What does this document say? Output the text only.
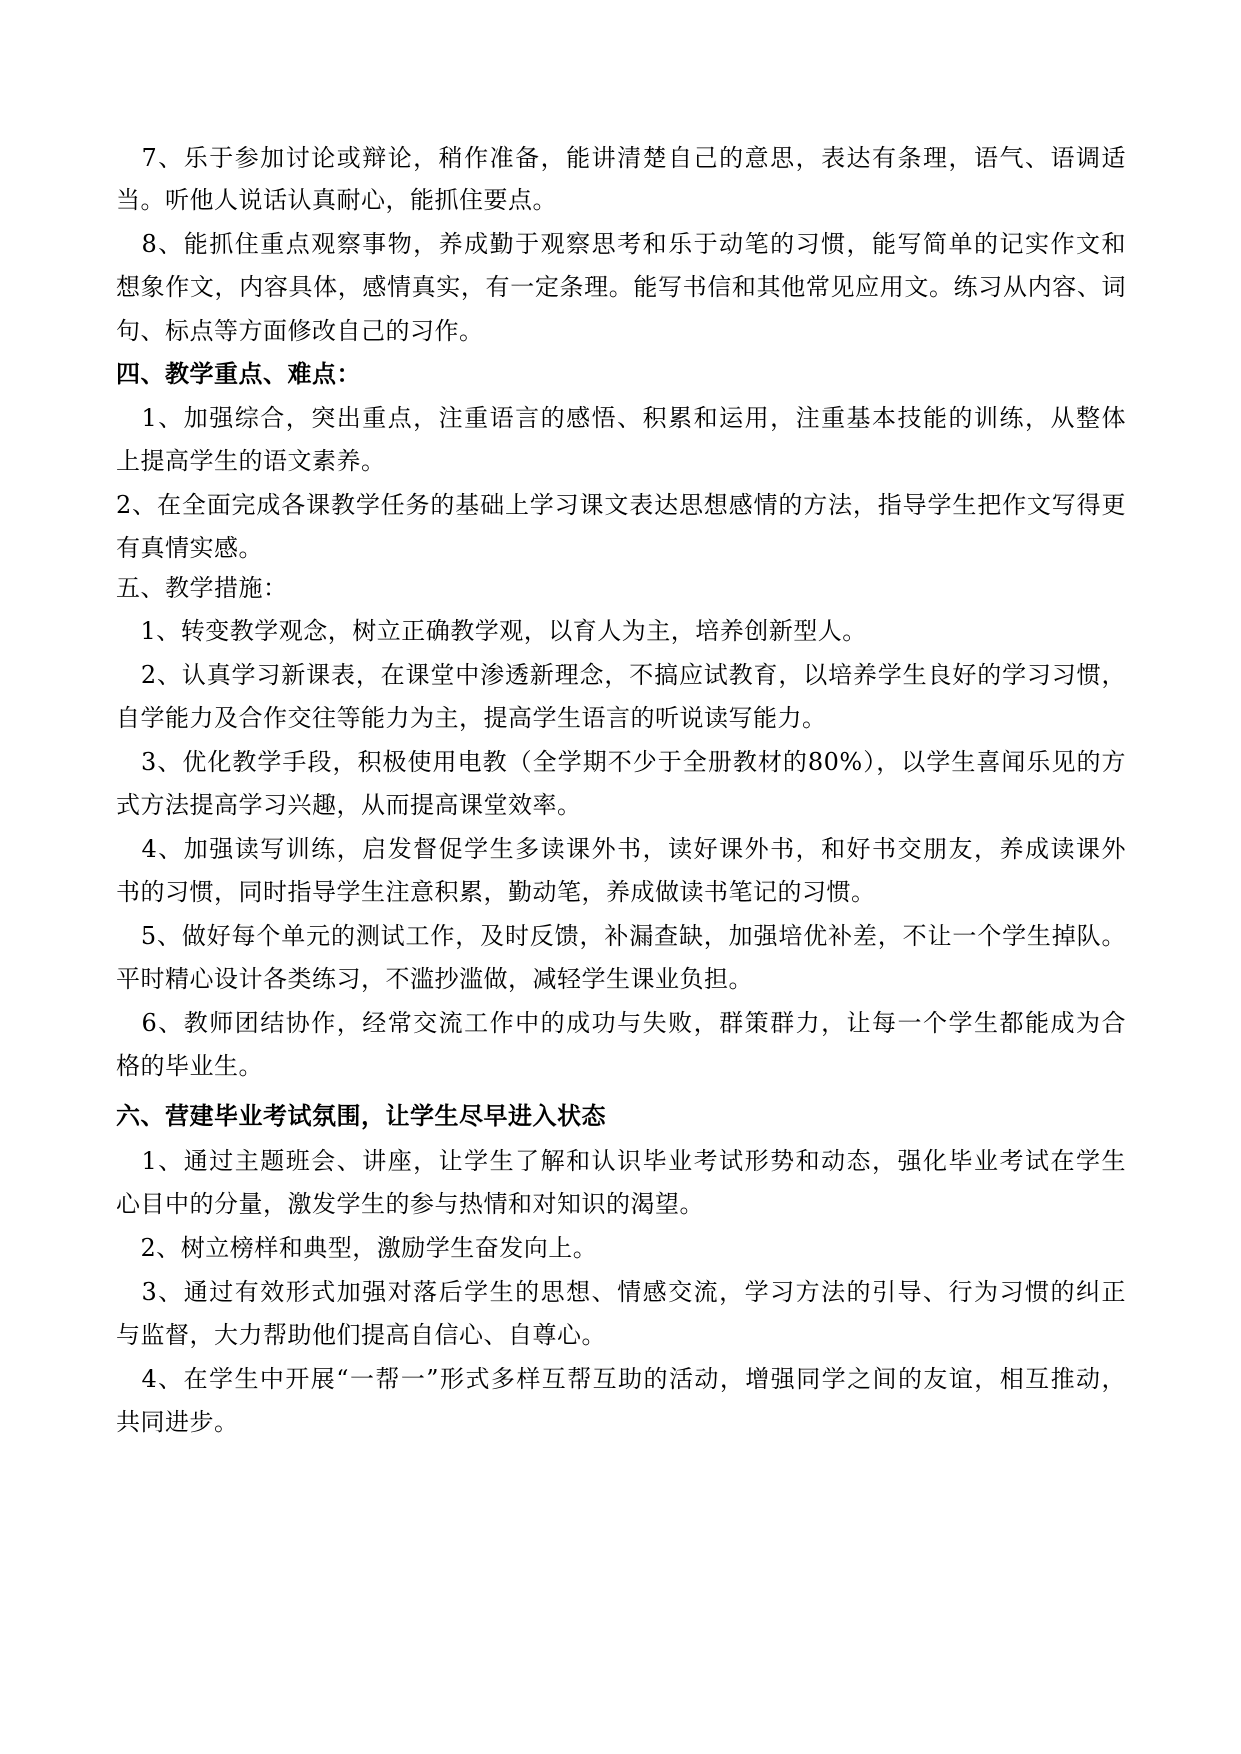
　7、乐于参加讨论或辩论，稍作准备，能讲清楚自己的意思，表达有条理，语气、语调适
当。听他人说话认真耐心，能抓住要点。
　8、能抓住重点观察事物，养成勤于观察思考和乐于动笔的习惯，能写简单的记实作文和
想象作文，内容具体，感情真实，有一定条理。能写书信和其他常见应用文。练习从内容、词
句、标点等方面修改自己的习作。
四、教学重点、难点：
　1、加强综合，突出重点，注重语言的感悟、积累和运用，注重基本技能的训练，从整体
上提高学生的语文素养。
2、在全面完成各课教学任务的基础上学习课文表达思想感情的方法，指导学生把作文写得更
有真情实感。
五、教学措施：
　1、转变教学观念，树立正确教学观，以育人为主，培养创新型人。
　2、认真学习新课表，在课堂中渗透新理念，不搞应试教育，以培养学生良好的学习习惯，
自学能力及合作交往等能力为主，提高学生语言的听说读写能力。
　3、优化教学手段，积极使用电教（全学期不少于全册教材的80%），以学生喜闻乐见的方
式方法提高学习兴趣，从而提高课堂效率。
　4、加强读写训练，启发督促学生多读课外书，读好课外书，和好书交朋友，养成读课外
书的习惯，同时指导学生注意积累，勤动笔，养成做读书笔记的习惯。
　5、做好每个单元的测试工作，及时反馈，补漏查缺，加强培优补差，不让一个学生掉队。
平时精心设计各类练习，不滥抄滥做，减轻学生课业负担。
　6、教师团结协作，经常交流工作中的成功与失败，群策群力，让每一个学生都能成为合
格的毕业生。
六、营建毕业考试氛围，让学生尽早进入状态
　1、通过主题班会、讲座，让学生了解和认识毕业考试形势和动态，强化毕业考试在学生
心目中的分量，激发学生的参与热情和对知识的渴望。
　2、树立榜样和典型，激励学生奋发向上。
　3、通过有效形式加强对落后学生的思想、情感交流，学习方法的引导、行为习惯的纠正
与监督，大力帮助他们提高自信心、自尊心。
　4、在学生中开展“一帮一”形式多样互帮互助的活动，增强同学之间的友谊，相互推动，
共同进步。
